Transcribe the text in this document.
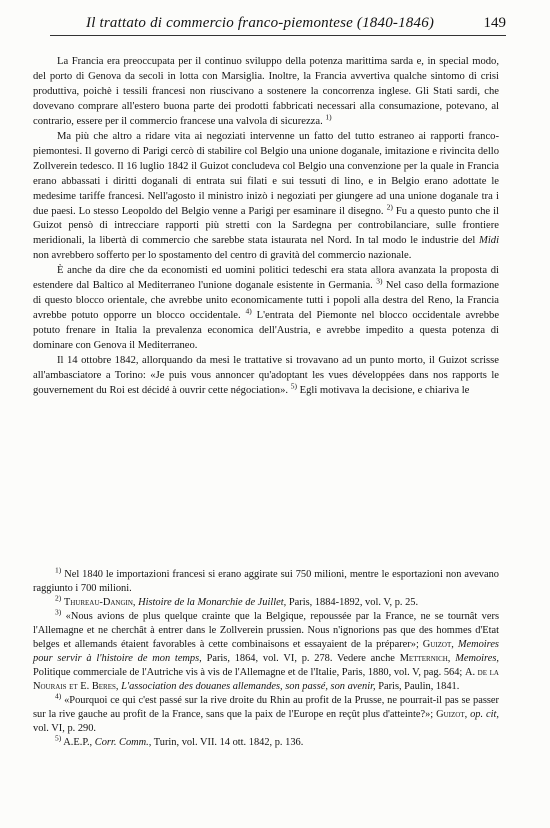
Il trattato di commercio franco-piemontese (1840-1846)	149

La Francia era preoccupata per il continuo sviluppo della potenza marittima sarda e, in special modo, del porto di Genova da secoli in lotta con Marsiglia. Inoltre, la Francia avvertiva qualche sintomo di crisi produttiva, poichè i tessili francesi non riuscivano a sostenere la concorrenza inglese. Gli Stati sardi, che dovevano comprare all'estero buona parte dei prodotti fabbricati necessari alla consumazione, potevano, al contrario, essere per il commercio francese una valvola di sicurezza. $^{1)}$

Ma più che altro a ridare vita ai negoziati intervenne un fatto del tutto estraneo ai rapporti franco-piemontesi. Il governo di Parigi cercò di stabilire col Belgio una unione doganale, imitazione e rivincita dello Zollverein tedesco. Il 16 luglio 1842 il Guizot concludeva col Belgio una convenzione per la quale in Francia erano abbassati i diritti doganali di entrata sui filati e sui tessuti di lino, e in Belgio erano adottate le medesime tariffe francesi. Nell'agosto il ministro inizò i negoziati per giungere ad una unione doganale tra i due paesi. Lo stesso Leopoldo del Belgio venne a Parigi per esaminare il disegno. $^{2)}$ Fu a questo punto che il Guizot pensò di intrecciare rapporti più stretti con la Sardegna per controbilanciare, sulle frontiere meridionali, la libertà di commercio che sarebbe stata istaurata nel Nord. In tal modo le industrie del Midi non avrebbero sofferto per lo spostamento del centro di gravità del commercio nazionale.

È anche da dire che da economisti ed uomini politici tedeschi era stata allora avanzata la proposta di estendere dal Baltico al Mediterraneo l'unione doganale esistente in Germania. $^{3)}$ Nel caso della formazione di questo blocco orientale, che avrebbe unito economicamente tutti i popoli alla destra del Reno, la Francia avrebbe potuto opporre un blocco occidentale. $^{4)}$ L'entrata del Piemonte nel blocco occidentale avrebbe potuto frenare in Italia la prevalenza economica dell'Austria, e avrebbe impedito a questa potenza di dominare con Genova il Mediterraneo.

Il 14 ottobre 1842, allorquando da mesi le trattative si trovavano ad un punto morto, il Guizot scrisse all'ambasciatore a Torino: «Je puis vous annoncer qu'adoptant les vues développées dans nos rapports le gouvernement du Roi est décidé à ouvrir cette négociation». $^{5)}$ Egli motivava la decisione, e chiariva le

$^{1)}$ Nel 1840 le importazioni francesi si erano aggirate sui 750 milioni, mentre le esportazioni non avevano raggiunto i 700 milioni.

$^{2)}$ Thureau-Dangin, Histoire de la Monarchie de Juillet, Paris, 1884-1892, vol. V, p. 25.

$^{3)}$ «Nous avions de plus quelque crainte que la Belgique, repoussée par la France, ne se tournât vers l'Allemagne et ne cherchât à entrer dans le Zollverein prussien. Nous n'ignorions pas que des hommes d'Etat belges et allemands étaient favorables à cette combinaisons et essayaient de la préparer»; Guizot, Memoires pour servir à l'histoire de mon temps, Paris, 1864, vol. VI, p. 278. Vedere anche Metternich, Memoires, Politique commerciale de l'Autriche vis à vis de l'Allemagne et de l'Italie, Paris, 1880, vol. V, pag. 564; A. de la Nourais et E. Beres, L'association des douanes allemandes, son passé, son avenir, Paris, Paulin, 1841.

$^{4)}$ «Pourquoi ce qui c'est passé sur la rive droite du Rhin au profit de la Prusse, ne pourrait-il pas se passer sur la rive gauche au profit de la France, sans que la paix de l'Europe en reçût plus d'atteinte?»; Guizot, op. cit, vol. VI, p. 290.

$^{5)}$ A.E.P., Corr. Comm., Turin, vol. VII. 14 ott. 1842, p. 136.
